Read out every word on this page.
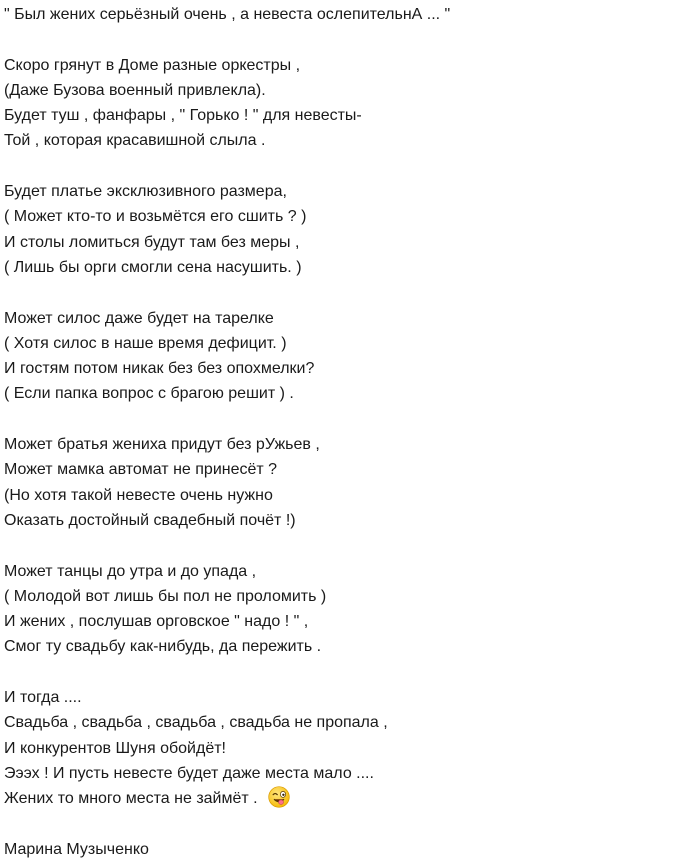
" Был жених серьёзный очень , а невеста ослепительнА ... "
Скоро грянут в Доме разные оркестры ,
(Даже Бузова военный привлекла).
Будет туш , фанфары , " Горько ! " для невесты-
Той , которая красавишной слыла .
Будет платье эксклюзивного размера,
( Может кто-то и возьмётся его сшить ? )
И столы ломиться будут там без меры ,
( Лишь бы орги смогли сена насушить. )
Может силос даже будет на тарелке
( Хотя силос в наше время дефицит. )
И гостям потом никак без без опохмелки?
( Если папка вопрос с брагою решит ) .
Может братья жениха придут без рУжьев ,
Может мамка автомат не принесёт ?
(Но хотя такой невесте очень нужно
Оказать достойный свадебный почёт !)
Может танцы до утра и до упада ,
( Молодой вот лишь бы пол не проломить )
И жених , послушав орговское " надо ! " ,
Смог ту свадьбу как-нибудь, да пережить .
И тогда ....
Свадьба , свадьба , свадьба , свадьба не пропала ,
И конкурентов Шуня обойдёт!
Эээх ! И пусть невесте будет даже места мало ....
Жених то много места не займёт .
Марина Музыченко
